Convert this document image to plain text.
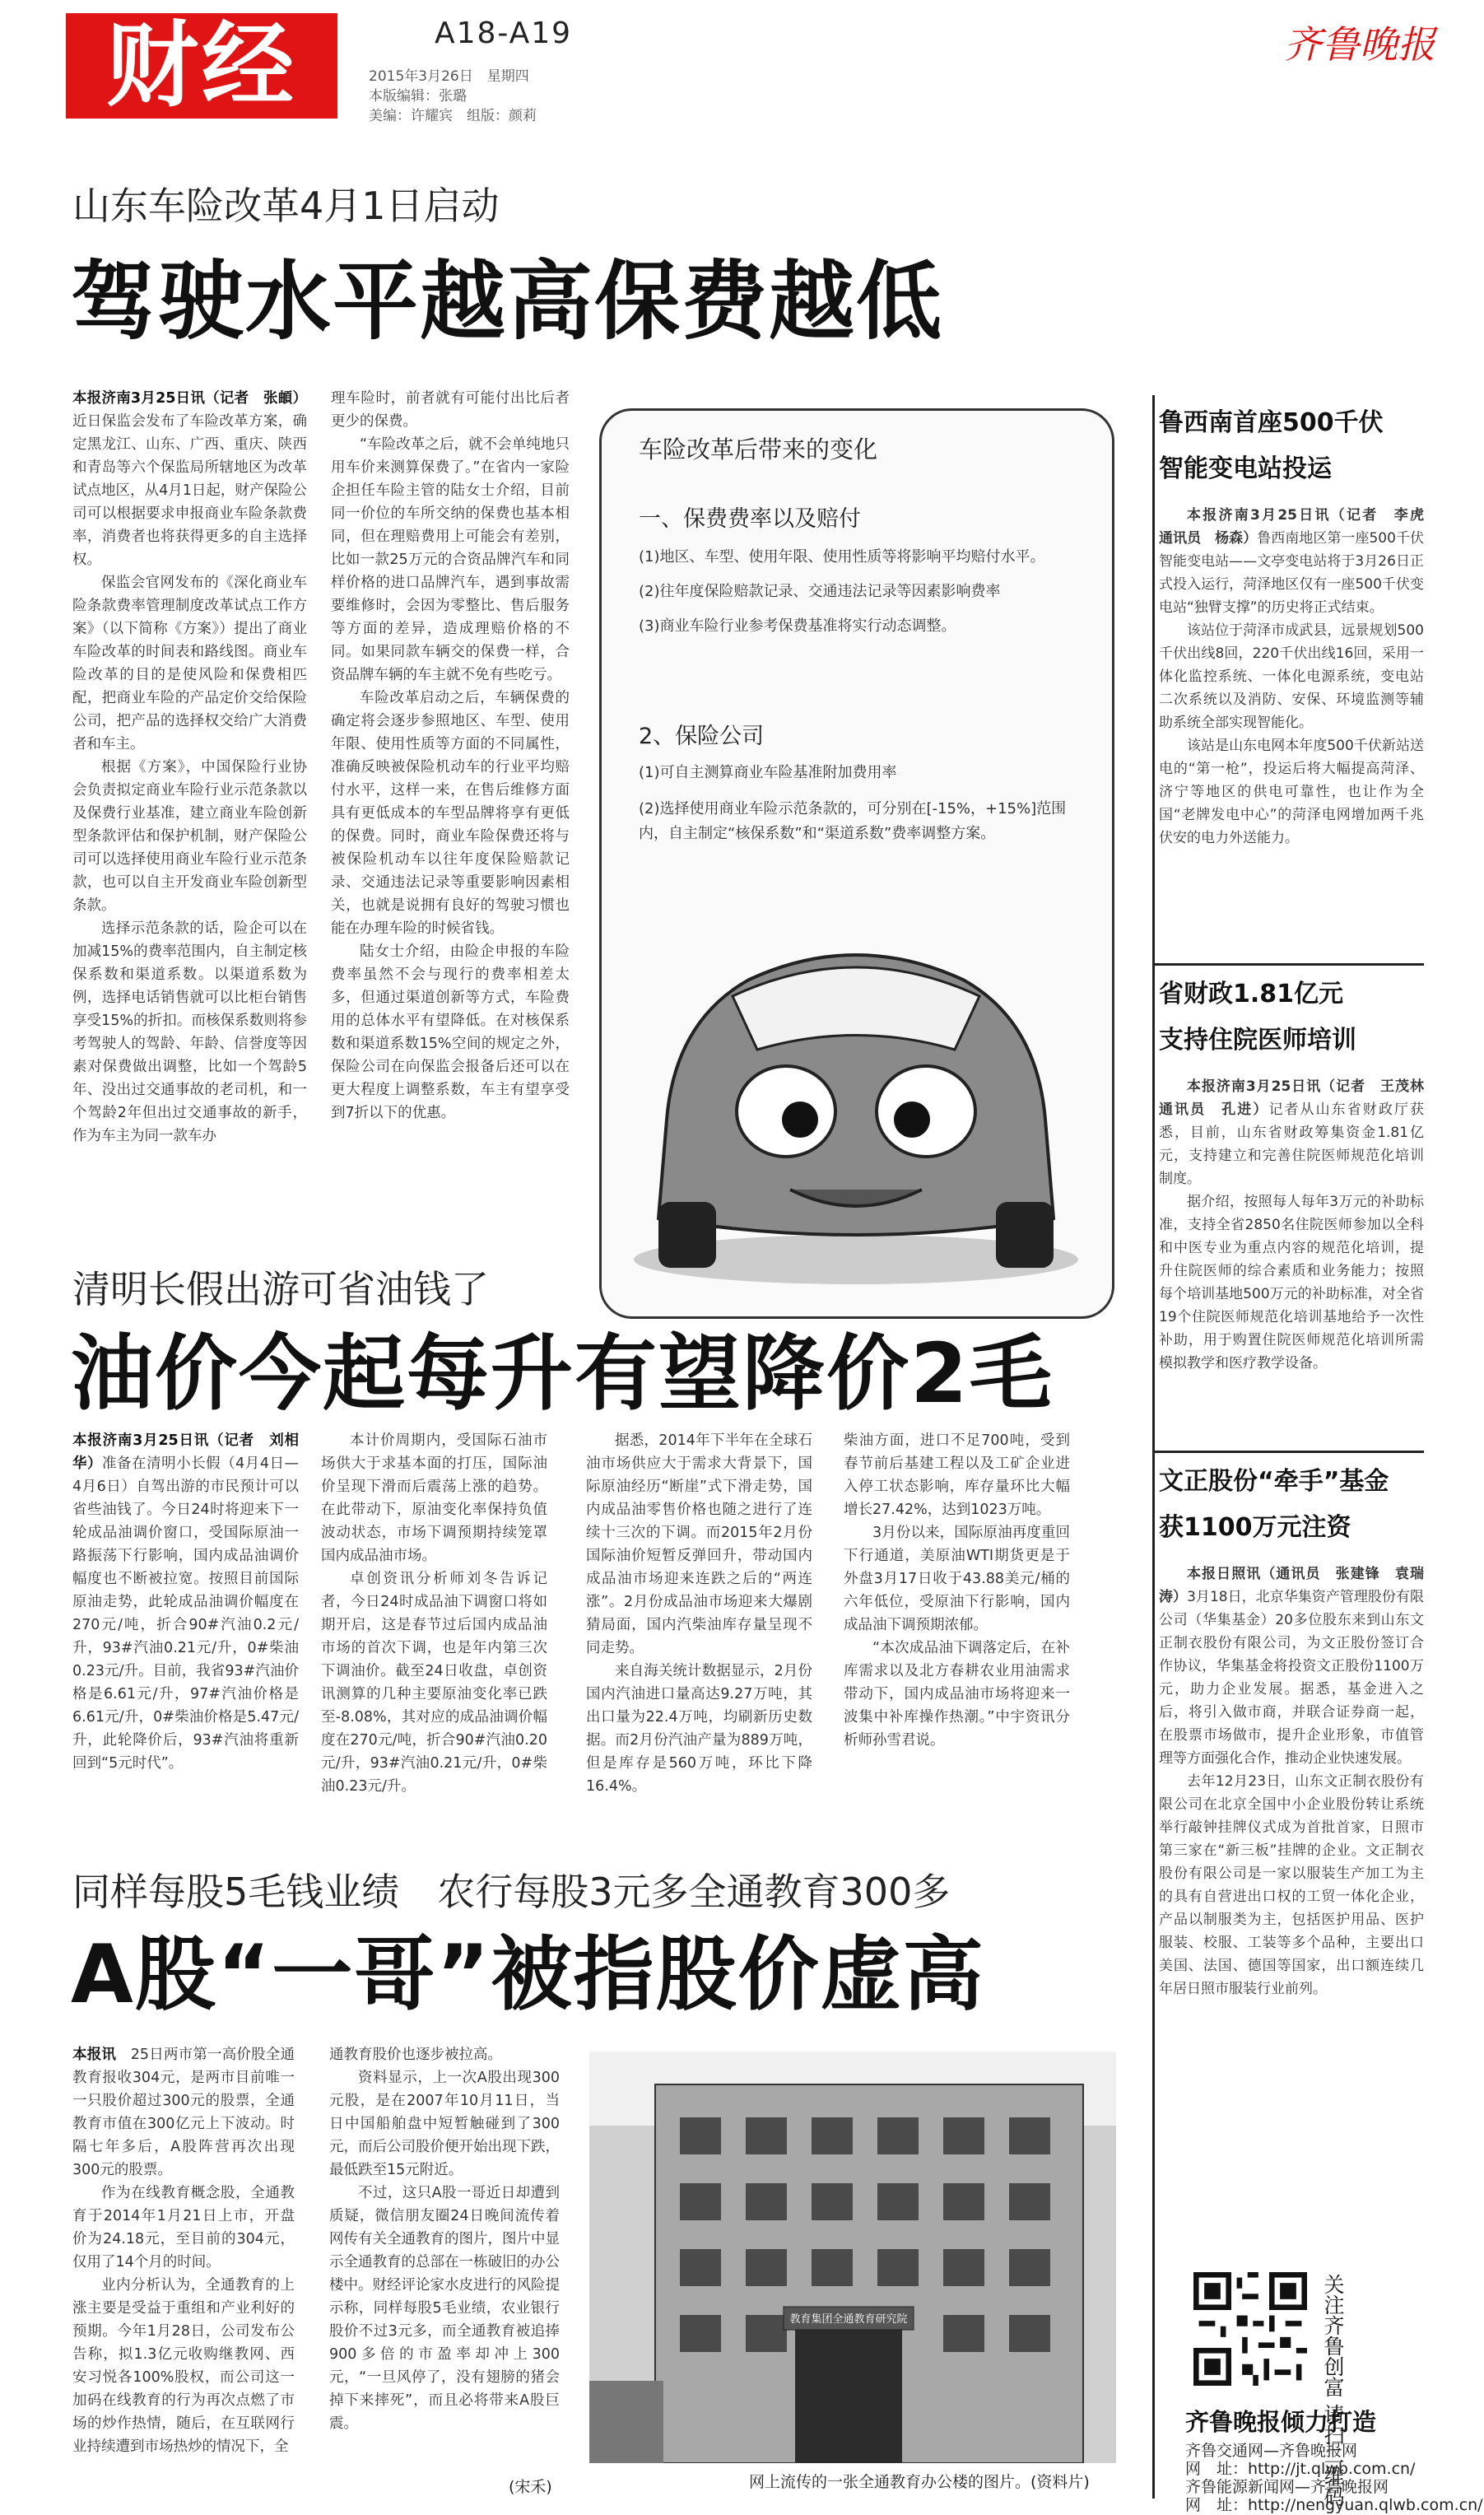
财经	A18-A19
2015年3月26日　星期四
本版编辑：张璐
美编：许耀宾　组版：颜莉
齐鲁晚报
山东车险改革4月1日启动
驾驶水平越高保费越低
本报济南3月25日讯（记者　张頔）近日保监会发布了车险改革方案，确定黑龙江、山东、广西、重庆、陕西和青岛等六个保监局所辖地区为改革试点地区，从4月1日起，财产保险公司可以根据要求申报商业车险条款费率，消费者也将获得更多的自主选择权。
保监会官网发布的《深化商业车险条款费率管理制度改革试点工作方案》（以下简称《方案》）提出了商业车险改革的时间表和路线图。商业车险改革的目的是使风险和保费相匹配，把商业车险的产品定价交给保险公司，把产品的选择权交给广大消费者和车主。
根据《方案》，中国保险行业协会负责拟定商业车险行业示范条款以及保费行业基准，建立商业车险创新型条款评估和保护机制，财产保险公司可以选择使用商业车险行业示范条款，也可以自主开发商业车险创新型条款。
选择示范条款的话，险企可以在加减15%的费率范围内，自主制定核保系数和渠道系数。以渠道系数为例，选择电话销售就可以比柜台销售享受15%的折扣。而核保系数则将参考驾驶人的驾龄、年龄、信誉度等因素对保费做出调整，比如一个驾龄5年、没出过交通事故的老司机，和一个驾龄2年但出过交通事故的新手，作为车主为同一款车办
理车险时，前者就有可能付出比后者更少的保费。
“车险改革之后，就不会单纯地只用车价来测算保费了。”在省内一家险企担任车险主管的陆女士介绍，目前同一价位的车所交纳的保费也基本相同，但在理赔费用上可能会有差别，比如一款25万元的合资品牌汽车和同样价格的进口品牌汽车，遇到事故需要维修时，会因为零整比、售后服务等方面的差异，造成理赔价格的不同。如果同款车辆交的保费一样，合资品牌车辆的车主就不免有些吃亏。
车险改革启动之后，车辆保费的确定将会逐步参照地区、车型、使用年限、使用性质等方面的不同属性，准确反映被保险机动车的行业平均赔付水平，这样一来，在售后维修方面具有更低成本的车型品牌将享有更低的保费。同时，商业车险保费还将与被保险机动车以往年度保险赔款记录、交通违法记录等重要影响因素相关，也就是说拥有良好的驾驶习惯也能在办理车险的时候省钱。
陆女士介绍，由险企申报的车险费率虽然不会与现行的费率相差太多，但通过渠道创新等方式，车险费用的总体水平有望降低。在对核保系数和渠道系数15%空间的规定之外，保险公司在向保监会报备后还可以在更大程度上调整系数，车主有望享受到7折以下的优惠。
车险改革后带来的变化
一、保费费率以及赔付
(1)地区、车型、使用年限、使用性质等将影响平均赔付水平。
(2)往年度保险赔款记录、交通违法记录等因素影响费率
(3)商业车险行业参考保费基准将实行动态调整。
2、保险公司
(1)可自主测算商业车险基准附加费用率
(2)选择使用商业车险示范条款的，可分别在[-15%，+15%]范围内，自主制定“核保系数”和“渠道系数”费率调整方案。
清明长假出游可省油钱了
油价今起每升有望降价2毛
本报济南3月25日讯（记者　刘相华）准备在清明小长假（4月4日—4月6日）自驾出游的市民预计可以省些油钱了。今日24时将迎来下一轮成品油调价窗口，受国际原油一路振荡下行影响，国内成品油调价幅度也不断被拉宽。按照目前国际原油走势，此轮成品油调价幅度在270元/吨，折合90#汽油0.2元/升，93#汽油0.21元/升，0#柴油0.23元/升。目前，我省93#汽油价格是6.61元/升，97#汽油价格是6.61元/升，0#柴油价格是5.47元/升，此轮降价后，93#汽油将重新回到“5元时代”。
本计价周期内，受国际石油市场供大于求基本面的打压，国际油价呈现下滑而后震荡上涨的趋势。在此带动下，原油变化率保持负值波动状态，市场下调预期持续笼罩国内成品油市场。
卓创资讯分析师刘冬告诉记者，今日24时成品油下调窗口将如期开启，这是春节过后国内成品油市场的首次下调，也是年内第三次下调油价。截至24日收盘，卓创资讯测算的几种主要原油变化率已跌至-8.08%，其对应的成品油调价幅度在270元/吨，折合90#汽油0.20元/升，93#汽油0.21元/升，0#柴油0.23元/升。
据悉，2014年下半年在全球石油市场供应大于需求大背景下，国际原油经历“断崖”式下滑走势，国内成品油零售价格也随之进行了连续十三次的下调。而2015年2月份国际油价短暂反弹回升，带动国内成品油市场迎来连跌之后的“两连涨”。2月份成品油市场迎来大爆剧猜局面，国内汽柴油库存量呈现不同走势。
来自海关统计数据显示，2月份国内汽油进口量高达9.27万吨，其出口量为22.4万吨，均刷新历史数据。而2月份汽油产量为889万吨，但是库存是560万吨，环比下降16.4%。
柴油方面，进口不足700吨，受到春节前后基建工程以及工矿企业进入停工状态影响，库存量环比大幅增长27.42%，达到1023万吨。
3月份以来，国际原油再度重回下行通道，美原油WTI期货更是于外盘3月17日收于43.88美元/桶的六年低位，受原油下行影响，国内成品油下调预期浓郁。
“本次成品油下调落定后，在补库需求以及北方春耕农业用油需求带动下，国内成品油市场将迎来一波集中补库操作热潮。”中宇资讯分析师孙雪君说。
同样每股5毛钱业绩　农行每股3元多全通教育300多
A股“一哥”被指股价虚高
本报讯　 25日两市第一高价股全通教育报收304元，是两市目前唯一一只股价超过300元的股票，全通教育市值在300亿元上下波动。时隔七年多后，A股阵营再次出现300元的股票。
作为在线教育概念股，全通教育于2014年1月21日上市，开盘价为24.18元，至目前的304元，仅用了14个月的时间。
业内分析认为，全通教育的上涨主要是受益于重组和产业利好的预期。今年1月28日，公司发布公告称，拟1.3亿元收购继教网、西安习悦各100%股权，而公司这一加码在线教育的行为再次点燃了市场的炒作热情，随后，在互联网行业持续遭到市场热炒的情况下，全
通教育股价也逐步被拉高。
资料显示，上一次A股出现300元股，是在2007年10月11日，当日中国船舶盘中短暂触碰到了300元，而后公司股价便开始出现下跌，最低跌至15元附近。
不过，这只A股一哥近日却遭到质疑，微信朋友圈24日晚间流传着网传有关全通教育的图片，图片中显示全通教育的总部在一栋破旧的办公楼中。财经评论家水皮进行的风险提示称，同样每股5毛业绩，农业银行股价不过3元多，而全通教育被追捧900多倍的市盈率却冲上300元，“一旦风停了，没有翅膀的猪会掉下来摔死”，而且必将带来A股巨震。
(宋禾)
教育集团全通教育研究院
网上流传的一张全通教育办公楼的图片。(资料片)
鲁西南首座500千伏
智能变电站投运
本报济南3月25日讯（记者　李虎　通讯员　杨森）鲁西南地区第一座500千伏智能变电站——文亭变电站将于3月26日正式投入运行，菏泽地区仅有一座500千伏变电站“独臂支撑”的历史将正式结束。
该站位于菏泽市成武县，远景规划500千伏出线8回，220千伏出线16回，采用一体化监控系统、一体化电源系统，变电站二次系统以及消防、安保、环境监测等辅助系统全部实现智能化。
该站是山东电网本年度500千伏新站送电的“第一枪”，投运后将大幅提高菏泽、济宁等地区的供电可靠性，也让作为全国“老牌发电中心”的菏泽电网增加两千兆伏安的电力外送能力。
省财政1.81亿元
支持住院医师培训
本报济南3月25日讯（记者　王茂林　通讯员　孔进）记者从山东省财政厅获悉，目前，山东省财政筹集资金1.81亿元，支持建立和完善住院医师规范化培训制度。
据介绍，按照每人每年3万元的补助标准，支持全省2850名住院医师参加以全科和中医专业为重点内容的规范化培训，提升住院医师的综合素质和业务能力；按照每个培训基地500万元的补助标准，对全省19个住院医师规范化培训基地给予一次性补助，用于购置住院医师规范化培训所需模拟教学和医疗教学设备。
文正股份“牵手”基金
获1100万元注资
本报日照讯（通讯员　张建锋　袁瑞涛）3月18日，北京华集资产管理股份有限公司（华集基金）20多位股东来到山东文正制衣股份有限公司，为文正股份签订合作协议，华集基金将投资文正股份1100万元，助力企业发展。据悉，基金进入之后，将引入做市商，并联合证券商一起，在股票市场做市，提升企业形象，市值管理等方面强化合作，推动企业快速发展。
去年12月23日，山东文正制衣股份有限公司在北京全国中小企业股份转让系统举行敲钟挂牌仪式成为首批首家，日照市第三家在“新三板”挂牌的企业。文正制衣股份有限公司是一家以服装生产加工为主的具有自营进出口权的工贸一体化企业，产品以制服类为主，包括医护用品、医护服装、校服、工装等多个品种，主要出口美国、法国、德国等国家，出口额连续几年居日照市服装行业前列。
关注齐鲁创富 请扫二维码
齐鲁晚报倾力打造
齐鲁交通网—齐鲁晚报网
网　址：http://jt.qlwb.com.cn/
齐鲁能源新闻网—齐鲁晚报网
网　址：http://nengyuan.qlwb.com.cn/
